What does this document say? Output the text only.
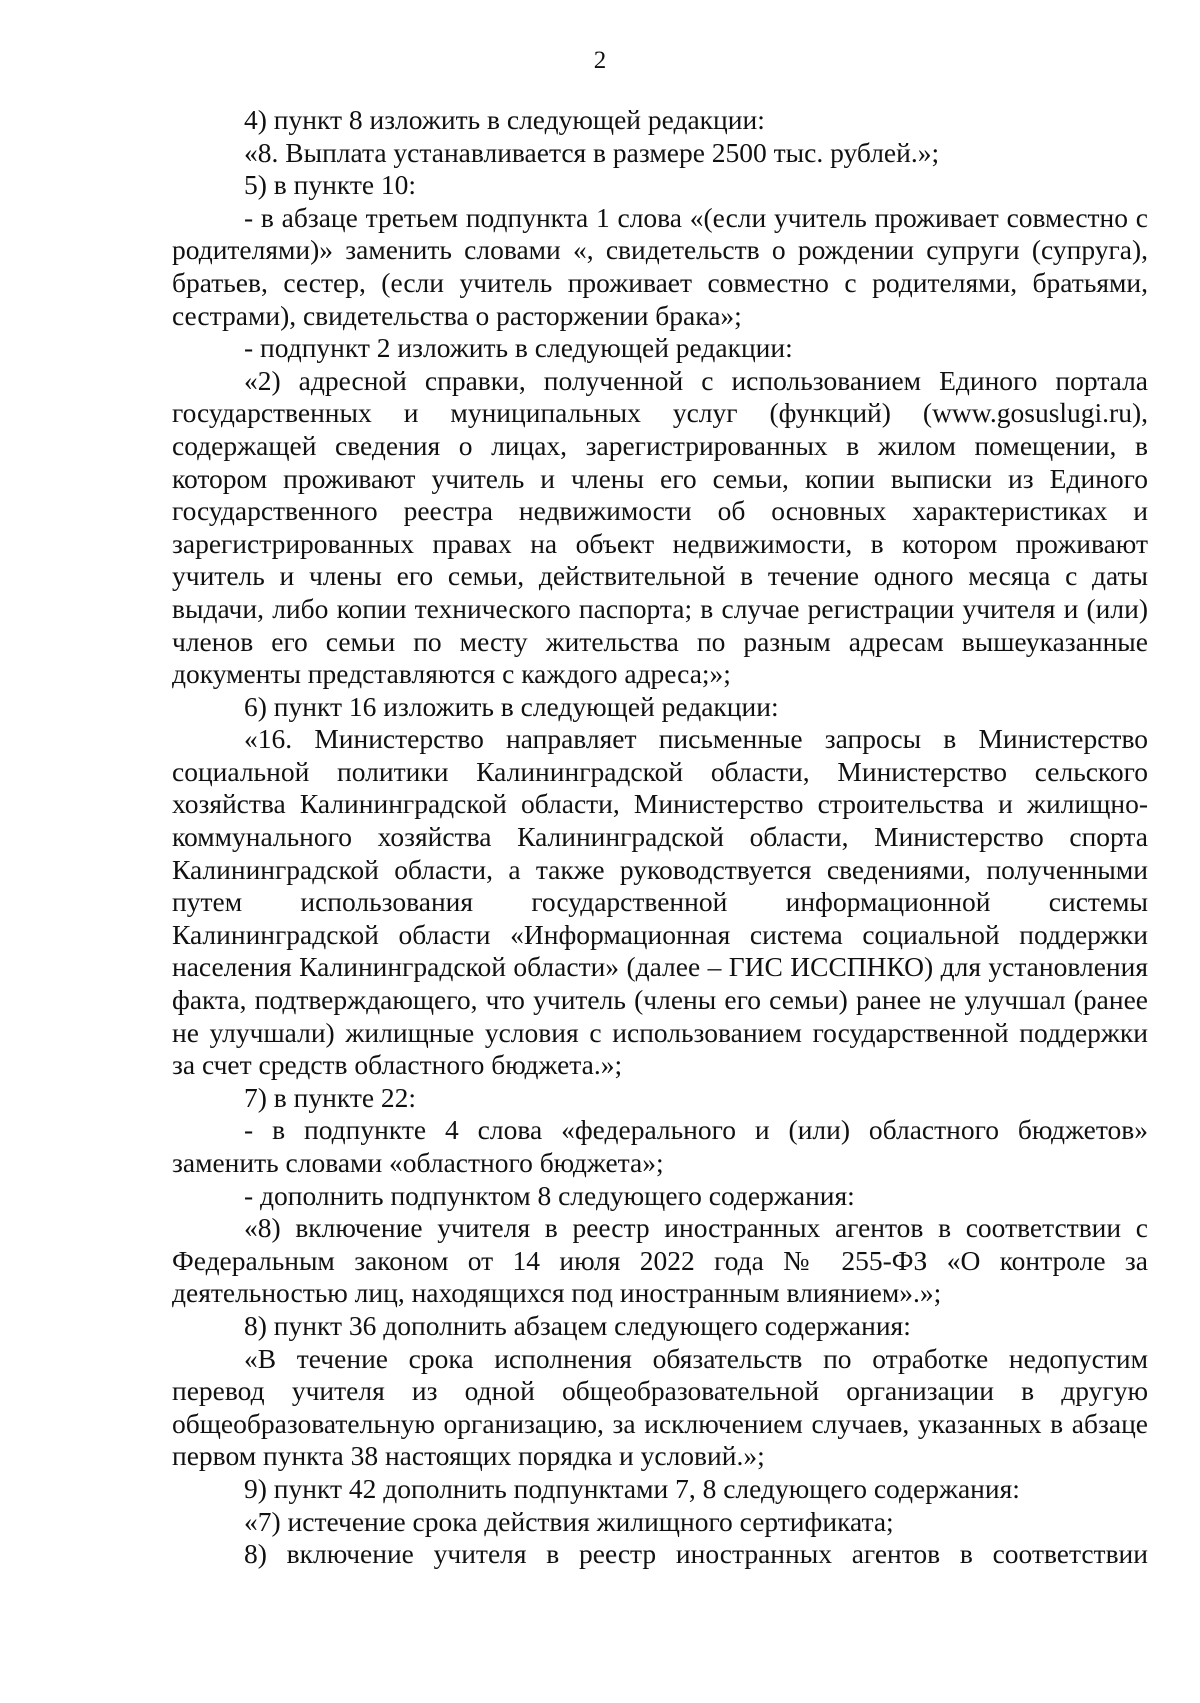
2

4) пункт 8 изложить в следующей редакции:

«8. Выплата устанавливается в размере 2500 тыс. рублей.»;

5) в пункте 10:

- в абзаце третьем подпункта 1 слова «(если учитель проживает совместно с родителями)» заменить словами «, свидетельств о рождении супруги (супруга), братьев, сестер, (если учитель проживает совместно с родителями, братьями, сестрами), свидетельства о расторжении брака»;

- подпункт 2 изложить в следующей редакции:

«2) адресной справки, полученной с использованием Единого портала государственных и муниципальных услуг (функций) (www.gosuslugi.ru), содержащей сведения о лицах, зарегистрированных в жилом помещении, в котором проживают учитель и члены его семьи, копии выписки из Единого государственного реестра недвижимости об основных характеристиках и зарегистрированных правах на объект недвижимости, в котором проживают учитель и члены его семьи, действительной в течение одного месяца с даты выдачи, либо копии технического паспорта; в случае регистрации учителя и (или) членов его семьи по месту жительства по разным адресам вышеуказанные документы представляются с каждого адреса;»;

6) пункт 16 изложить в следующей редакции:

«16. Министерство направляет письменные запросы в Министерство социальной политики Калининградской области, Министерство сельского хозяйства Калининградской области, Министерство строительства и жилищно-коммунального хозяйства Калининградской области, Министерство спорта Калининградской области, а также руководствуется сведениями, полученными путем использования государственной информационной системы Калининградской области «Информационная система социальной поддержки населения Калининградской области» (далее – ГИС ИССПНКО) для установления факта, подтверждающего, что учитель (члены его семьи) ранее не улучшал (ранее не улучшали) жилищные условия с использованием государственной поддержки за счет средств областного бюджета.»;

7) в пункте 22:

- в подпункте 4 слова «федерального и (или) областного бюджетов» заменить словами «областного бюджета»;

- дополнить подпунктом 8 следующего содержания:

«8) включение учителя в реестр иностранных агентов в соответствии с Федеральным законом от 14 июля 2022 года № 255-ФЗ «О контроле за деятельностью лиц, находящихся под иностранным влиянием».»;

8) пункт 36 дополнить абзацем следующего содержания:

«В течение срока исполнения обязательств по отработке недопустим перевод учителя из одной общеобразовательной организации в другую общеобразовательную организацию, за исключением случаев, указанных в абзаце первом пункта 38 настоящих порядка и условий.»;

9) пункт 42 дополнить подпунктами 7, 8 следующего содержания:

«7) истечение срока действия жилищного сертификата;

8) включение учителя в реестр иностранных агентов в соответствии
